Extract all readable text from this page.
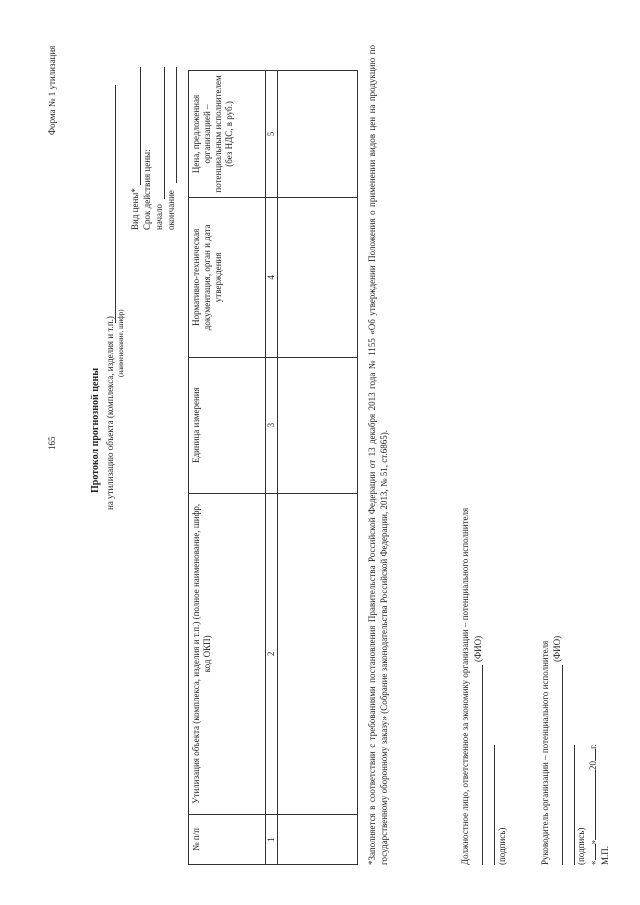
Форма № 1 утилизация
165	Протокол прогнозной цены на утилизацию объекта (комплекса, изделия и т.п.) (наименование, шифр)
Вид цены* Срок действия цены: начало окончание
№ п/п	Утилизация объекта (комплекса, изделия и т.п.) (полное наименование, шифр, код ОКП)	Единица измерения	Нормативно-техническая документация, орган и дата утверждения	Цена, предложенная организацией – потенциальным исполнителем (без НДС, в руб.)
1	2	3	4	5
					*Заполняется в соответствии с требованиями постановления Правительства Российской Федерации от 13 декабря 2013 года № 1155 «Об утверждении Положения о применении видов цен на продукцию по государственному оборонному заказу» (Собрание законодательства Российской Федерации, 2013, № 51, ст.6865).	Должностное лицо, ответственное за экономику организации – потенциального исполнителя (ФИО)
(подпись)	Руководитель организации – потенциального исполнителя (ФИО)
(подпись) «»20г.
М.П.
